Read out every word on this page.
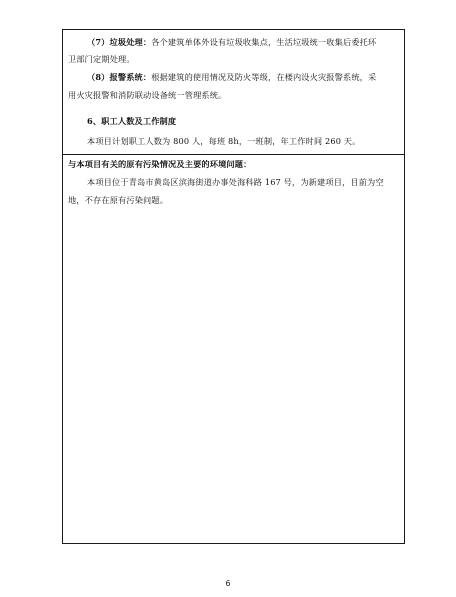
（7）垃圾处理：各个建筑单体外设有垃圾收集点，生活垃圾统一收集后委托环
卫部门定期处理。
（8）报警系统：根据建筑的使用情况及防火等级，在楼内设火灾报警系统，采
用火灾报警和消防联动设备统一管理系统。
6、职工人数及工作制度
本项目计划职工人数为 800 人，每班 8h，一班制，年工作时间 260 天。
与本项目有关的原有污染情况及主要的环境问题：
本项目位于青岛市黄岛区滨海街道办事处海科路 167 号，为新建项目，目前为空
地，不存在原有污染问题。
6
